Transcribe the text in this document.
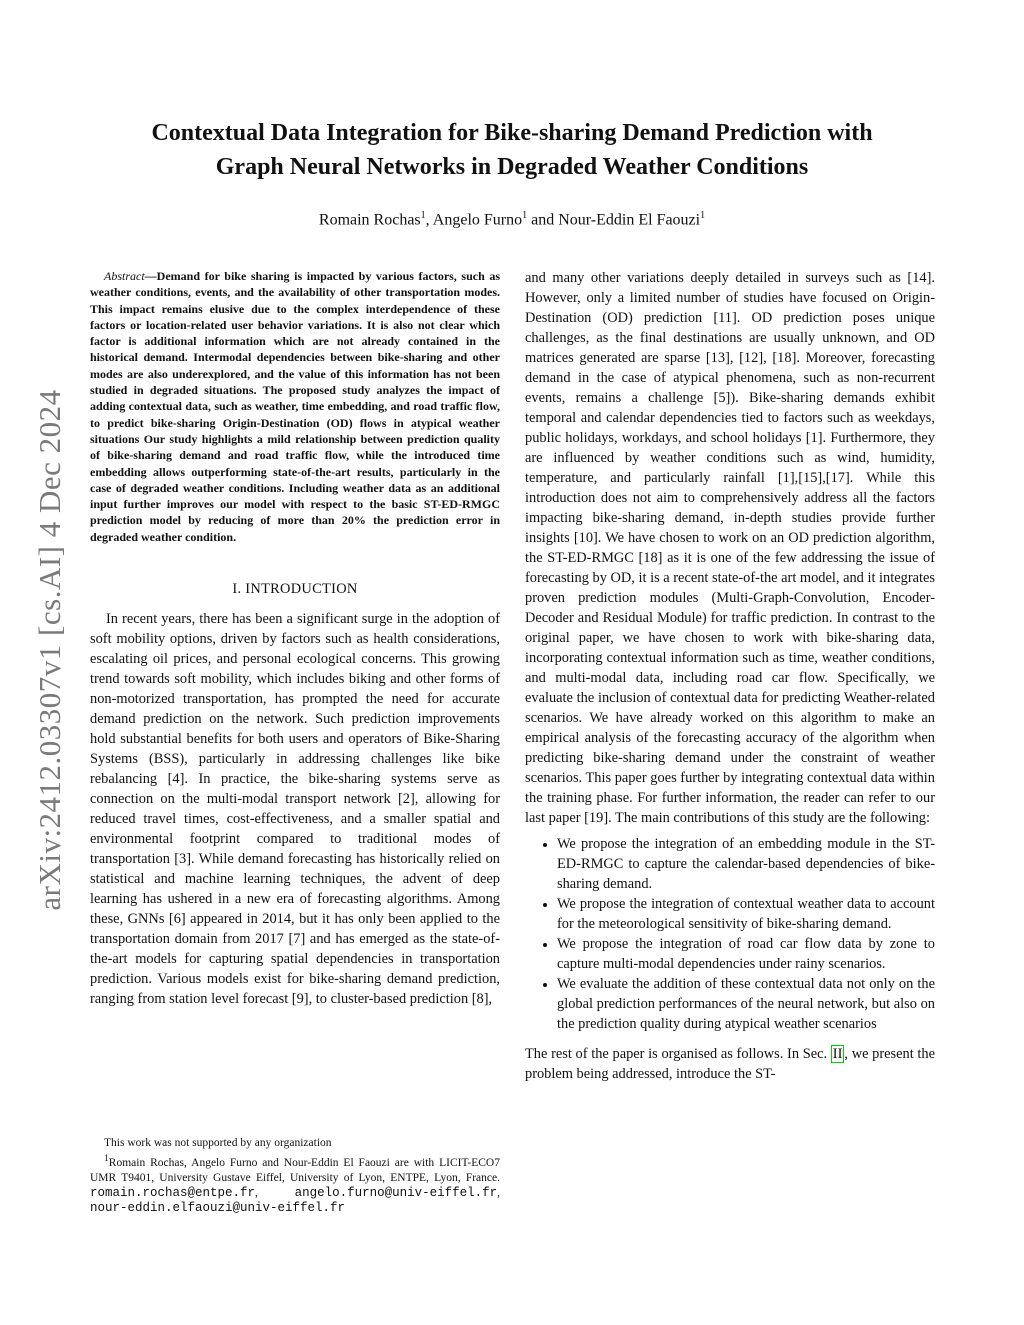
arXiv:2412.03307v1 [cs.AI] 4 Dec 2024
Contextual Data Integration for Bike-sharing Demand Prediction with
Graph Neural Networks in Degraded Weather Conditions
Romain Rochas$^1$, Angelo Furno$^1$ and Nour-Eddin El Faouzi$^1$

Abstract—Demand for bike sharing is impacted by various factors, such as weather conditions, events, and the availability of other transportation modes. This impact remains elusive due to the complex interdependence of these factors or location-related user behavior variations. It is also not clear which factor is additional information which are not already contained in the historical demand. Intermodal dependencies between bike-sharing and other modes are also underexplored, and the value of this information has not been studied in degraded situations. The proposed study analyzes the impact of adding contextual data, such as weather, time embedding, and road traffic flow, to predict bike-sharing Origin-Destination (OD) flows in atypical weather situations Our study highlights a mild relationship between prediction quality of bike-sharing demand and road traffic flow, while the introduced time embedding allows outperforming state-of-the-art results, particularly in the case of degraded weather conditions. Including weather data as an additional input further improves our model with respect to the basic ST-ED-RMGC prediction model by reducing of more than 20% the prediction error in degraded weather condition.

I. INTRODUCTION

In recent years, there has been a significant surge in the adoption of soft mobility options, driven by factors such as health considerations, escalating oil prices, and personal ecological concerns. This growing trend towards soft mobility, which includes biking and other forms of non-motorized transportation, has prompted the need for accurate demand prediction on the network. Such prediction improvements hold substantial benefits for both users and operators of Bike-Sharing Systems (BSS), particularly in addressing challenges like bike rebalancing [4]. In practice, the bike-sharing systems serve as connection on the multi-modal transport network [2], allowing for reduced travel times, cost-effectiveness, and a smaller spatial and environmental footprint compared to traditional modes of transportation [3]. While demand forecasting has historically relied on statistical and machine learning techniques, the advent of deep learning has ushered in a new era of forecasting algorithms. Among these, GNNs [6] appeared in 2014, but it has only been applied to the transportation domain from 2017 [7] and has emerged as the state-of-the-art models for capturing spatial dependencies in transportation prediction. Various models exist for bike-sharing demand prediction, ranging from station level forecast [9], to cluster-based prediction [8],

This work was not supported by any organization
$^1$Romain Rochas, Angelo Furno and Nour-Eddin El Faouzi are with LICIT-ECO7 UMR T9401, University Gustave Eiffel, University of Lyon, ENTPE, Lyon, France. romain.rochas@entpe.fr, angelo.furno@univ-eiffel.fr, nour-eddin.elfaouzi@univ-eiffel.fr

and many other variations deeply detailed in surveys such as [14]. However, only a limited number of studies have focused on Origin-Destination (OD) prediction [11]. OD prediction poses unique challenges, as the final destinations are usually unknown, and OD matrices generated are sparse [13], [12], [18]. Moreover, forecasting demand in the case of atypical phenomena, such as non-recurrent events, remains a challenge [5]). Bike-sharing demands exhibit temporal and calendar dependencies tied to factors such as weekdays, public holidays, workdays, and school holidays [1]. Furthermore, they are influenced by weather conditions such as wind, humidity, temperature, and particularly rainfall [1],[15],[17]. While this introduction does not aim to comprehensively address all the factors impacting bike-sharing demand, in-depth studies provide further insights [10]. We have chosen to work on an OD prediction algorithm, the ST-ED-RMGC [18] as it is one of the few addressing the issue of forecasting by OD, it is a recent state-of-the art model, and it integrates proven prediction modules (Multi-Graph-Convolution, Encoder-Decoder and Residual Module) for traffic prediction. In contrast to the original paper, we have chosen to work with bike-sharing data, incorporating contextual information such as time, weather conditions, and multi-modal data, including road car flow. Specifically, we evaluate the inclusion of contextual data for predicting Weather-related scenarios. We have already worked on this algorithm to make an empirical analysis of the forecasting accuracy of the algorithm when predicting bike-sharing demand under the constraint of weather scenarios. This paper goes further by integrating contextual data within the training phase. For further information, the reader can refer to our last paper [19]. The main contributions of this study are the following:

• We propose the integration of an embedding module in the ST-ED-RMGC to capture the calendar-based dependencies of bike-sharing demand.
• We propose the integration of contextual weather data to account for the meteorological sensitivity of bike-sharing demand.
• We propose the integration of road car flow data by zone to capture multi-modal dependencies under rainy scenarios.
• We evaluate the addition of these contextual data not only on the global prediction performances of the neural network, but also on the prediction quality during atypical weather scenarios

The rest of the paper is organised as follows. In Sec. II , we present the problem being addressed, introduce the ST-
